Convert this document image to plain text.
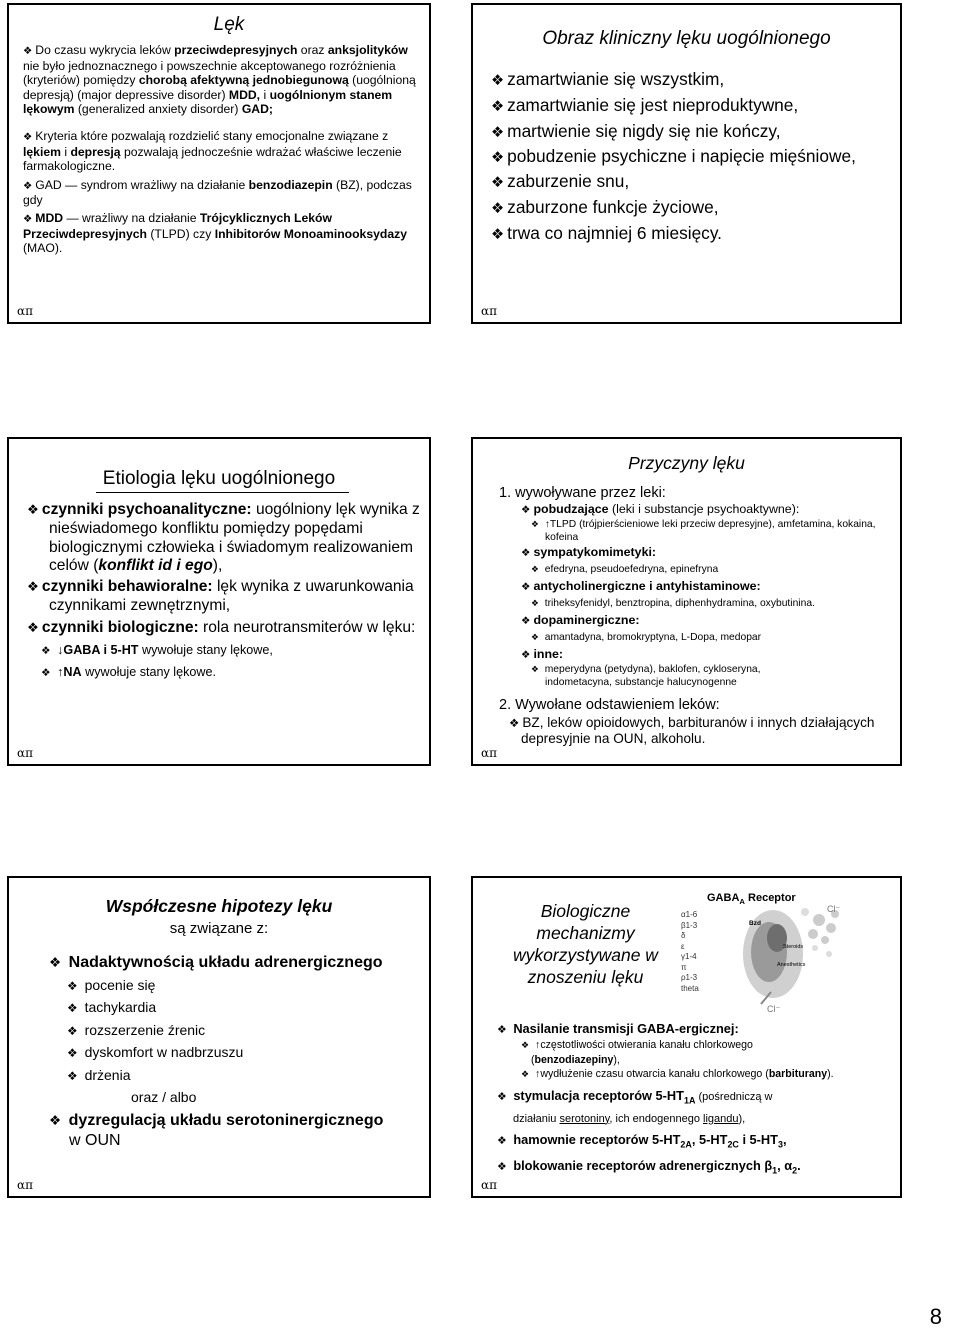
Lęk

❖ Do czasu wykrycia leków przeciwdepresyjnych oraz anksjolityków nie było jednoznacznego i powszechnie akceptowanego rozróżnienia (kryteriów) pomiędzy chorobą afektywną jednobiegunową (uogólnioną depresją) (major depressive disorder) MDD, i uogólnionym stanem lękowym (generalized anxiety disorder) GAD;

❖ Kryteria które pozwalają rozdzielić stany emocjonalne związane z lękiem i depresją pozwalają jednocześnie wdrażać właściwe leczenie farmakologiczne.

❖ GAD — syndrom wrażliwy na działanie benzodiazepin (BZ), podczas gdy

❖ MDD — wrażliwy na działanie Trójcyklicznych Leków Przeciwdepresyjnych (TLPD) czy Inhibitorów Monoaminooksydazy (MAO).

απ
Obraz kliniczny lęku uogólnionego

❖ zamartwianie się wszystkim,

❖ zamartwianie się jest nieproduktywne,

❖ martwienie się nigdy się nie kończy,

❖ pobudzenie psychiczne i napięcie mięśniowe,

❖ zaburzenie snu,

❖ zaburzone funkcje życiowe,

❖ trwa co najmniej 6 miesięcy.

απ
Etiologia lęku uogólnionego

❖ czynniki psychoanalityczne: uogólniony lęk wynika z nieświadomego konfliktu pomiędzy popędami biologicznymi człowieka i świadomym realizowaniem celów (konflikt id i ego),

❖ czynniki behawioralne: lęk wynika z uwarunkowania czynnikami zewnętrznymi,

❖ czynniki biologiczne: rola neurotransmiterów w lęku:

❖ ↓GABA i 5-HT wywołuje stany lękowe,

❖ ↑NA wywołuje stany lękowe.

απ
Przyczyny lęku

1. wywoływane przez leki:

❖ pobudzające (leki i substancje psychoaktywne):

❖ ↑TLPD (trójpierścieniowe leki przeciw depresyjne), amfetamina, kokaina, kofeina

❖ sympatykomimetyki:

❖ efedryna, pseudoefedryna, epinefryna

❖ antycholinergiczne i antyhistaminowe:

❖ triheksyfenidyl, benztropina, diphenhydramina, oxybutinina.

❖ dopaminergiczne:

❖ amantadyna, bromokryptyna, L-Dopa, medopar

❖ inne:

❖ meperydyna (petydyna), baklofen, cykloseryna, indometacyna, substancje halucynogenne

2. Wywołane odstawieniem leków:

❖ BZ, leków opioidowych, barbituranów i innych działających depresyjnie na OUN, alkoholu.

απ
Współczesne hipotezy lęku
są związane z:

❖ Nadaktywnością układu adrenergicznego

❖ pocenie się

❖ tachykardia

❖ rozszerzenie źrenic

❖ dyskomfort w nadbrzuszu

❖ drżenia

oraz / albo

❖ dyzregulacją układu serotoninergicznego

w OUN

απ
Biologiczne mechanizmy wykorzystywane w znoszeniu lęku
$GABA_A$ Receptor
α1-6
β1-3
δ
ε
γ1-4
π
ρ1-3
theta
Bzd
Steroids
Anesthetics
Cl⁻
Cl⁻

❖ Nasilanie transmisji GABA-ergicznej:

❖ ↑częstotliwości otwierania kanału chlorkowego

(benzodiazepiny),

❖ ↑wydłużenie czasu otwarcia kanału chlorkowego (barbiturany).

❖ stymulacja receptorów $5-HT_{1A}$ (pośredniczą w

działaniu serotoniny, ich endogennego ligandu),

❖ hamownie receptorów $5-HT_{2A}$, $5-HT_{2C}$ i $5-HT_3$,

❖ blokowanie receptorów adrenergicznych $\beta_1$, $\alpha_2$.

απ
8
